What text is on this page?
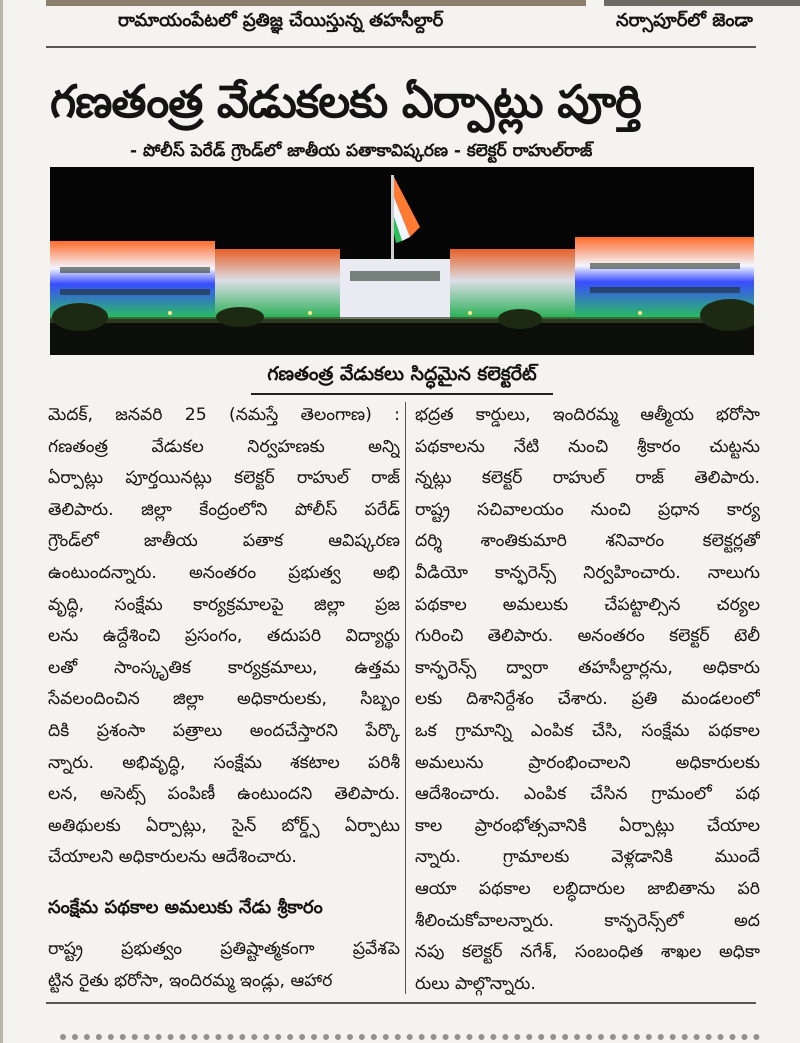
రామాయంపేటలో ప్రతిజ్ఞ చేయిస్తున్న తహసీల్దార్	నర్సాపూర్‌లో జెండా
గణతంత్ర వేడుకలకు ఏర్పాట్లు పూర్తి
- పోలీస్ పెరేడ్ గ్రౌండ్‌లో జాతీయ పతాకావిష్కరణ - కలెక్టర్ రాహుల్‌రాజ్
గణతంత్ర వేడుకలు సిద్ధమైన కలెక్టరేట్
మెదక్, జనవరి 25 (నమస్తే తెలంగాణ) :
గణతంత్ర వేడుకల నిర్వహణకు అన్ని
ఏర్పాట్లు పూర్తయినట్లు కలెక్టర్ రాహుల్ రాజ్
తెలిపారు. జిల్లా కేంద్రంలోని పోలీస్ పరేడ్
గ్రౌండ్‌లో జాతీయ పతాక ఆవిష్కరణ
ఉంటుందన్నారు. అనంతరం ప్రభుత్వ అభి
వృద్ధి, సంక్షేమ కార్యక్రమాలపై జిల్లా ప్రజ
లను ఉద్దేశించి ప్రసంగం, తదుపరి విద్యార్థు
లతో సాంస్కృతిక కార్యక్రమాలు, ఉత్తమ
సేవలందించిన జిల్లా అధికారులకు, సిబ్బం
దికి ప్రశంసా పత్రాలు అందచేస్తారని పేర్కొ
న్నారు. అభివృద్ధి, సంక్షేమ శకటాల పరిశీ
లన, అసెట్స్ పంపిణీ ఉంటుందని తెలిపారు.
అతిథులకు ఏర్పాట్లు, సైన్ బోర్డ్స్ ఏర్పాటు
చేయాలని అధికారులను ఆదేశించారు.
సంక్షేమ పథకాల అమలుకు నేడు శ్రీకారం
రాష్ట్ర ప్రభుత్వం ప్రతిష్టాత్మకంగా ప్రవేశపె
ట్టిన రైతు భరోసా, ఇందిరమ్మ ఇండ్లు, ఆహార
భద్రత కార్డులు, ఇందిరమ్మ ఆత్మీయ భరోసా
పథకాలను నేటి నుంచి శ్రీకారం చుట్టను
న్నట్లు కలెక్టర్ రాహుల్ రాజ్ తెలిపారు.
రాష్ట్ర సచివాలయం నుంచి ప్రధాన కార్య
దర్శి శాంతికుమారి శనివారం కలెక్టర్లతో
వీడియో కాన్ఫరెన్స్ నిర్వహించారు. నాలుగు
పథకాల అమలుకు చేపట్టాల్సిన చర్యల
గురించి తెలిపారు. అనంతరం కలెక్టర్ టెలీ
కాన్ఫరెన్స్ ద్వారా తహసీల్దార్లను, అధికారు
లకు దిశానిర్దేశం చేశారు. ప్రతి మండలంలో
ఒక గ్రామాన్ని ఎంపిక చేసి, సంక్షేమ పథకాల
అమలును ప్రారంభించాలని అధికారులకు
ఆదేశించారు. ఎంపిక చేసిన గ్రామంలో పథ
కాల ప్రారంభోత్సవానికి ఏర్పాట్లు చేయాల
న్నారు. గ్రామాలకు వెళ్లడానికి ముందే
ఆయా పథకాల లబ్ధిదారుల జాబితాను పరి
శీలించుకోవాలన్నారు. కాన్ఫరెన్స్‌లో అద
నపు కలెక్టర్ నగేశ్, సంబంధిత శాఖల అధికా
రులు పాల్గొన్నారు.
